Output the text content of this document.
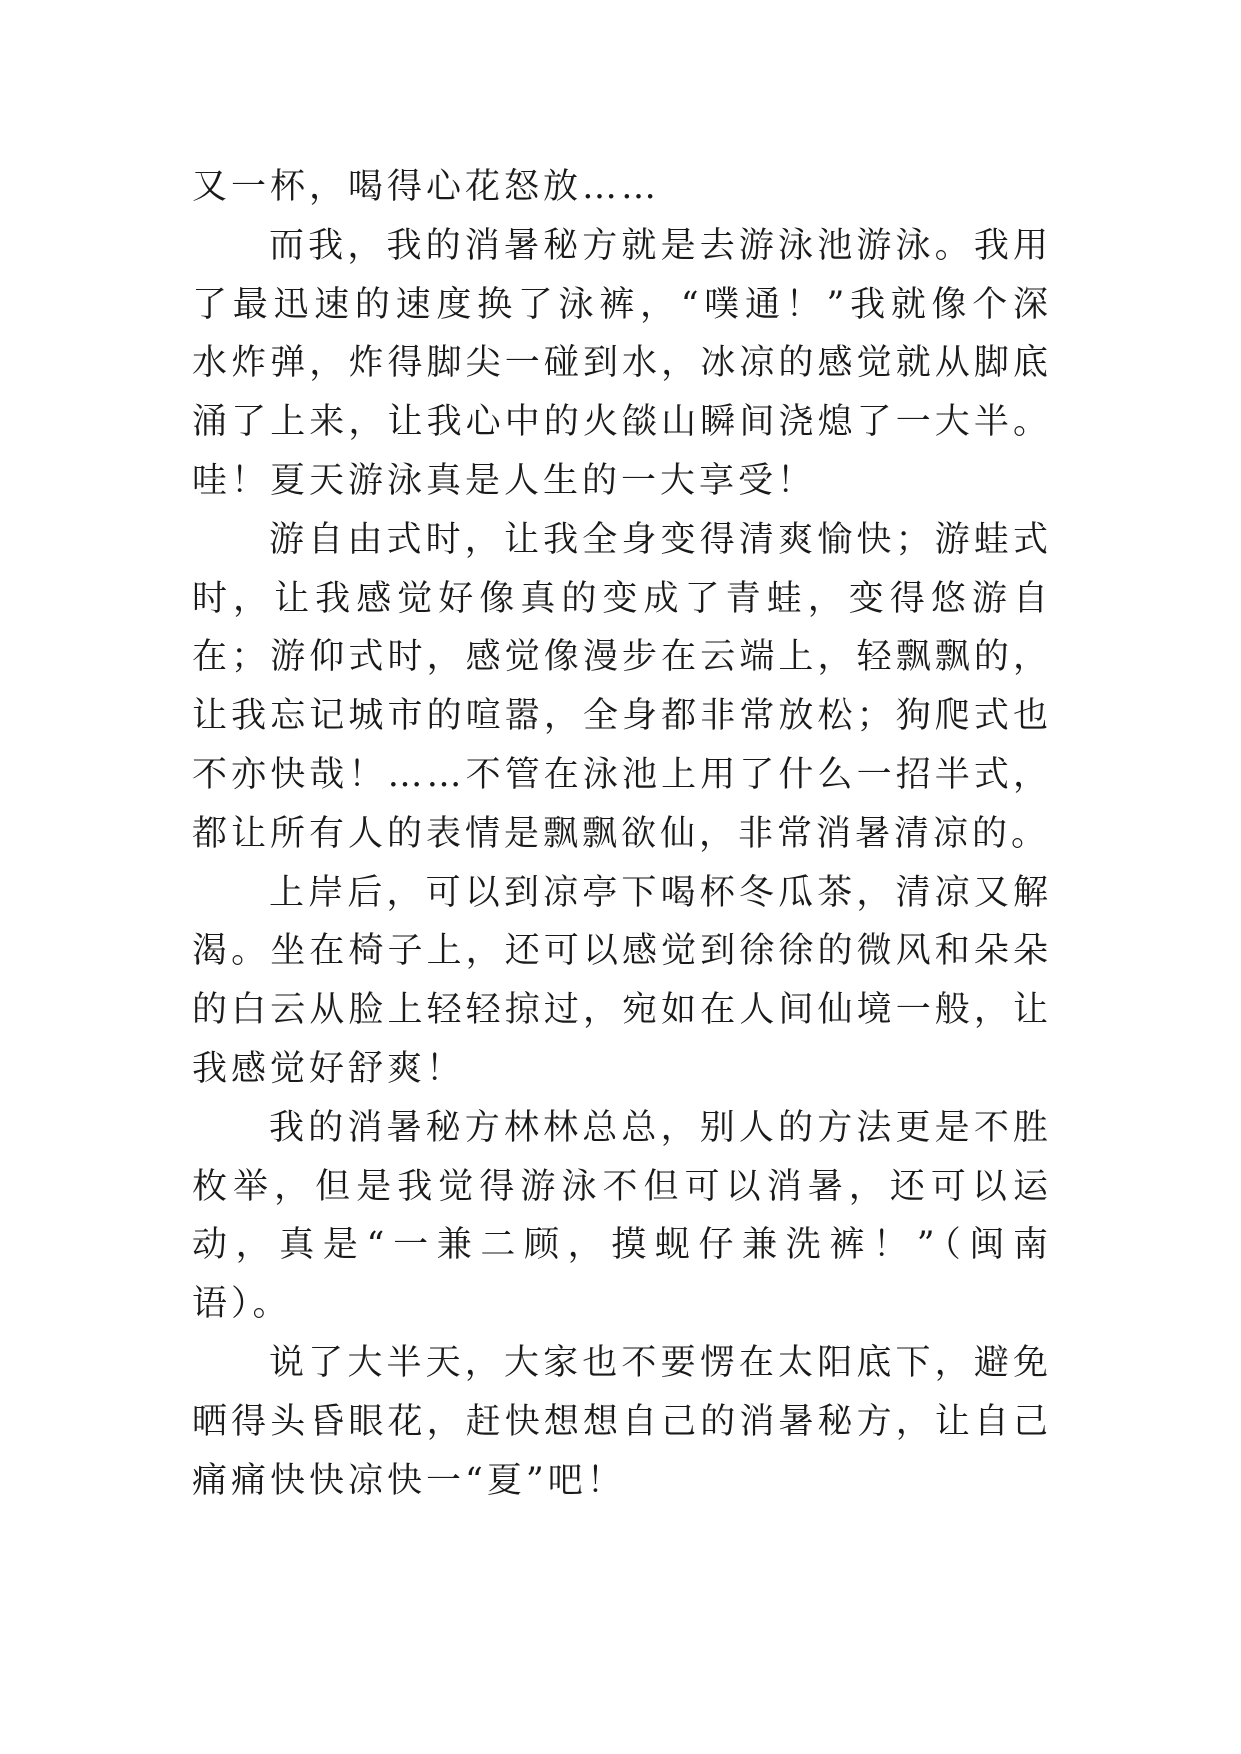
又一杯，喝得心花怒放……

而我，我的消暑秘方就是去游泳池游泳。我用了最迅速的速度换了泳裤，“噗通！”我就像个深水炸弹，炸得脚尖一碰到水，冰凉的感觉就从脚底涌了上来，让我心中的火燄山瞬间浇熄了一大半。哇！夏天游泳真是人生的一大享受！

游自由式时，让我全身变得清爽愉快；游蛙式时，让我感觉好像真的变成了青蛙，变得悠游自在；游仰式时，感觉像漫步在云端上，轻飘飘的，让我忘记城市的喧嚣，全身都非常放松；狗爬式也不亦快哉！……不管在泳池上用了什么一招半式，都让所有人的表情是飘飘欲仙，非常消暑清凉的。

上岸后，可以到凉亭下喝杯冬瓜茶，清凉又解渴。坐在椅子上，还可以感觉到徐徐的微风和朵朵的白云从脸上轻轻掠过，宛如在人间仙境一般，让我感觉好舒爽！

我的消暑秘方林林总总，别人的方法更是不胜枚举，但是我觉得游泳不但可以消暑，还可以运动，真是“一兼二顾，摸蚬仔兼洗裤！”（闽南语）。

说了大半天，大家也不要愣在太阳底下，避免晒得头昏眼花，赶快想想自己的消暑秘方，让自己痛痛快快凉快一“夏”吧！
